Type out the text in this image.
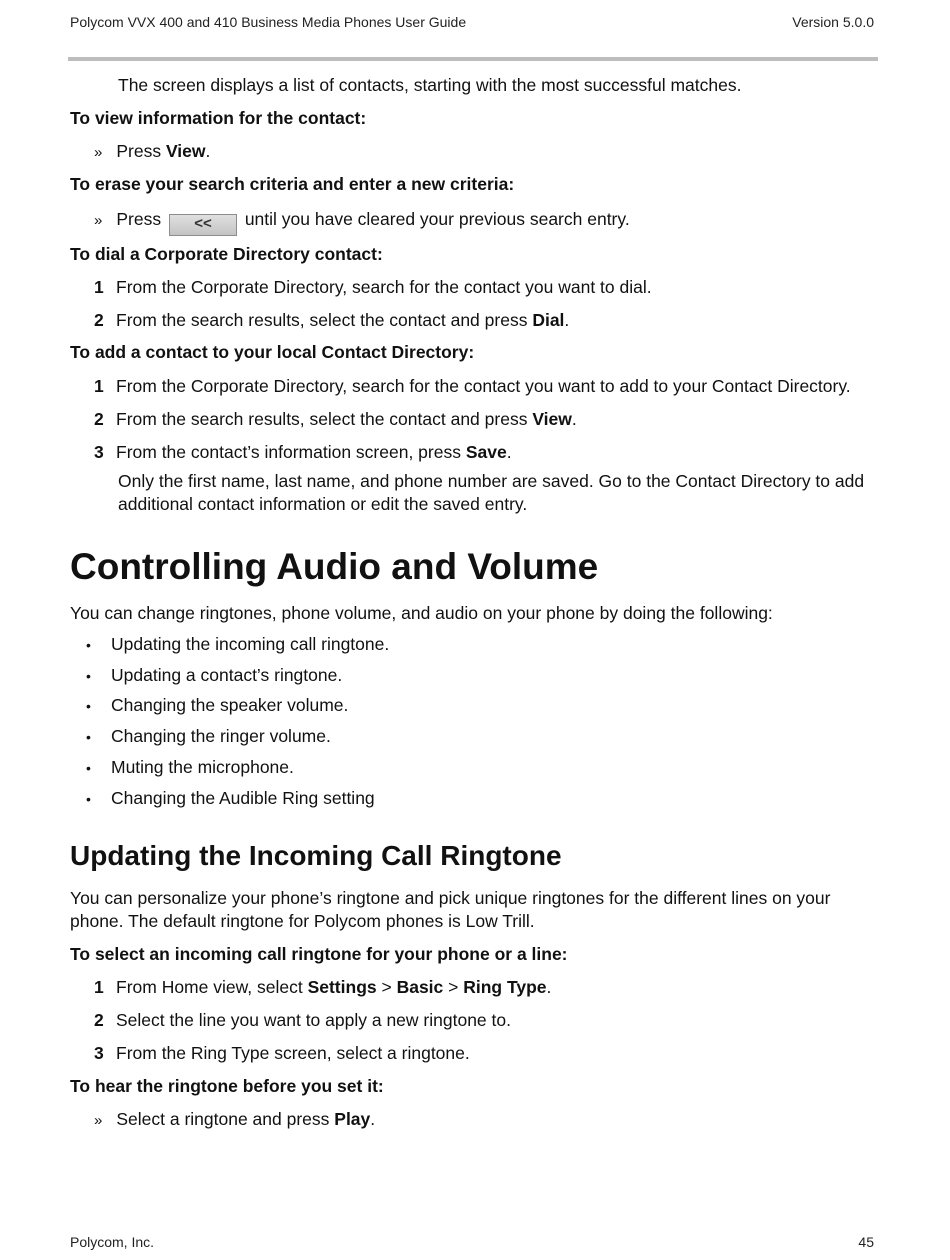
Polycom VVX 400 and 410 Business Media Phones User Guide	Version 5.0.0
The screen displays a list of contacts, starting with the most successful matches.
To view information for the contact:
» Press View.
To erase your search criteria and enter a new criteria:
» Press << until you have cleared your previous search entry.
To dial a Corporate Directory contact:
1 From the Corporate Directory, search for the contact you want to dial.
2 From the search results, select the contact and press Dial.
To add a contact to your local Contact Directory:
1 From the Corporate Directory, search for the contact you want to add to your Contact Directory.
2 From the search results, select the contact and press View.
3 From the contact’s information screen, press Save.
Only the first name, last name, and phone number are saved. Go to the Contact Directory to add
additional contact information or edit the saved entry.
Controlling Audio and Volume
You can change ringtones, phone volume, and audio on your phone by doing the following:
• Updating the incoming call ringtone.
• Updating a contact’s ringtone.
• Changing the speaker volume.
• Changing the ringer volume.
• Muting the microphone.
• Changing the Audible Ring setting
Updating the Incoming Call Ringtone
You can personalize your phone’s ringtone and pick unique ringtones for the different lines on your
phone. The default ringtone for Polycom phones is Low Trill.
To select an incoming call ringtone for your phone or a line:
1 From Home view, select Settings > Basic > Ring Type.
2 Select the line you want to apply a new ringtone to.
3 From the Ring Type screen, select a ringtone.
To hear the ringtone before you set it:
» Select a ringtone and press Play.
Polycom, Inc.	45
